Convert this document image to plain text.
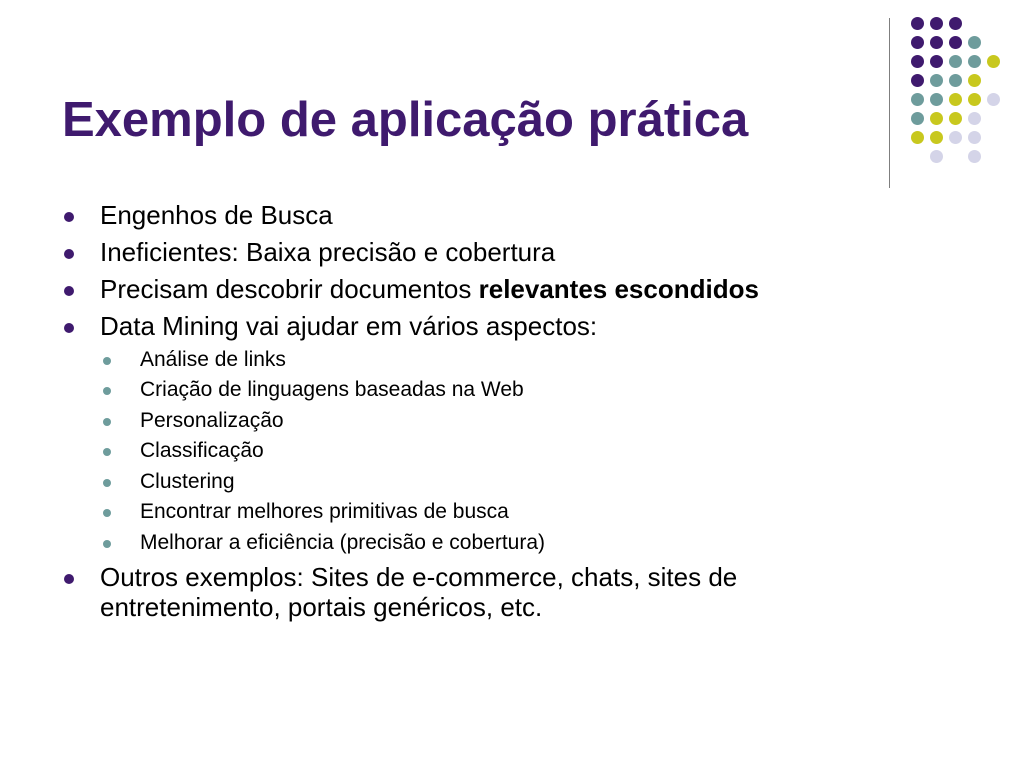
Exemplo de aplicação prática
Engenhos de Busca
Ineficientes: Baixa precisão e cobertura
Precisam descobrir documentos relevantes escondidos
Data Mining vai ajudar em vários aspectos:
Análise de links
Criação de linguagens baseadas na Web
Personalização
Classificação
Clustering
Encontrar melhores primitivas de busca
Melhorar a eficiência (precisão e cobertura)
Outros exemplos: Sites de e-commerce, chats, sites de entretenimento, portais genéricos, etc.
